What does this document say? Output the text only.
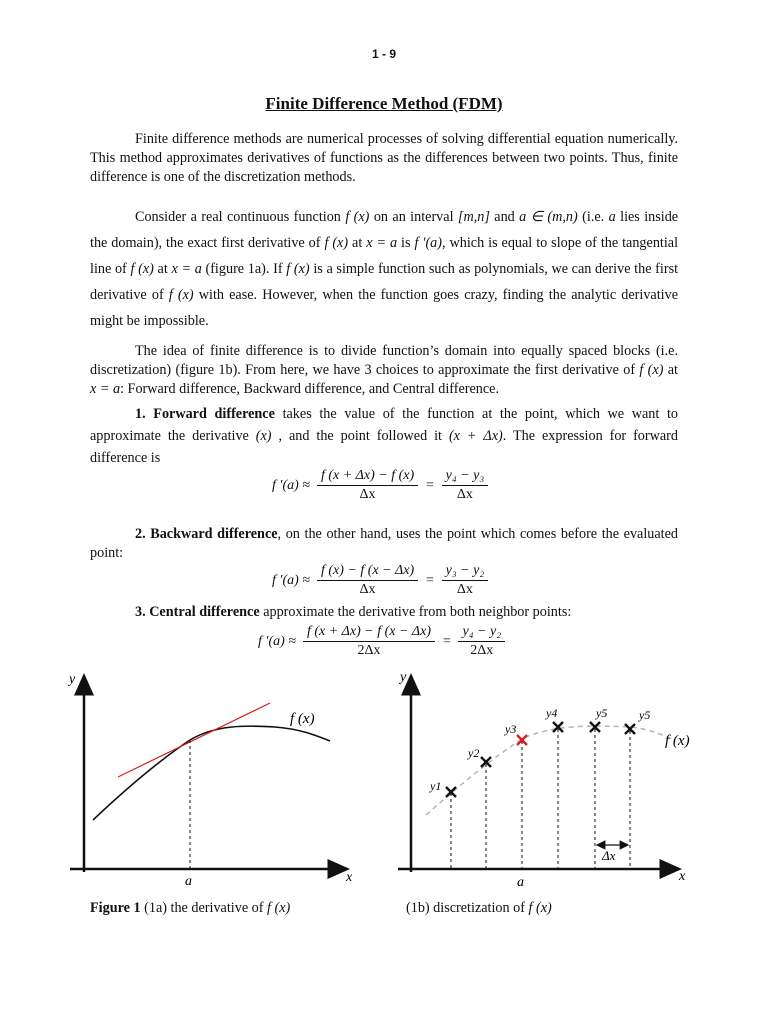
1 - 9
Finite Difference Method (FDM)

Finite difference methods are numerical processes of solving differential equation numerically. This method approximates derivatives of functions as the differences between two points. Thus, finite difference is one of the discretization methods.

Consider a real continuous function f (x) on an interval [m,n] and a ∈ (m,n) (i.e. a lies inside the domain), the exact first derivative of f (x) at x = a is f ′(a), which is equal to slope of the tangential line of f (x) at x = a (figure 1a). If f (x) is a simple function such as polynomials, we can derive the first derivative of f (x) with ease. However, when the function goes crazy, finding the analytic derivative might be impossible.

The idea of finite difference is to divide function’s domain into equally spaced blocks (i.e. discretization) (figure 1b). From here, we have 3 choices to approximate the first derivative of f (x) at x = a: Forward difference, Backward difference, and Central difference.

1. Forward difference takes the value of the function at the point, which we want to approximate the derivative (x) , and the point followed it (x + Δx). The expression for forward difference is

f $'(a) \approx \frac{f (x + \Delta x) - f (x)}{\Delta x} = \frac{\text{y₄ − y₃}}{\Delta x}$

2. Backward difference, on the other hand, uses the point which comes before the evaluated point:

f $'(a) \approx \frac{f (x) - f (x - \Delta x)}{\Delta x} = \frac{\text{y₃ − y₂}}{\Delta x}$

3. Central difference approximate the derivative from both neighbor points:

f $'(a) \approx \frac{f (x + \Delta x) - f (x - \Delta x)}{2\Delta x} = \frac{\text{y₄ − y₂}}{2\Delta x}$
y
x
a
f (x)
y
x
y1
y2
y3
y4	y5	y5
f (x)
Δx
a
Figure 1 (1a) the derivative of f (x)	(1b) discretization of f (x)
